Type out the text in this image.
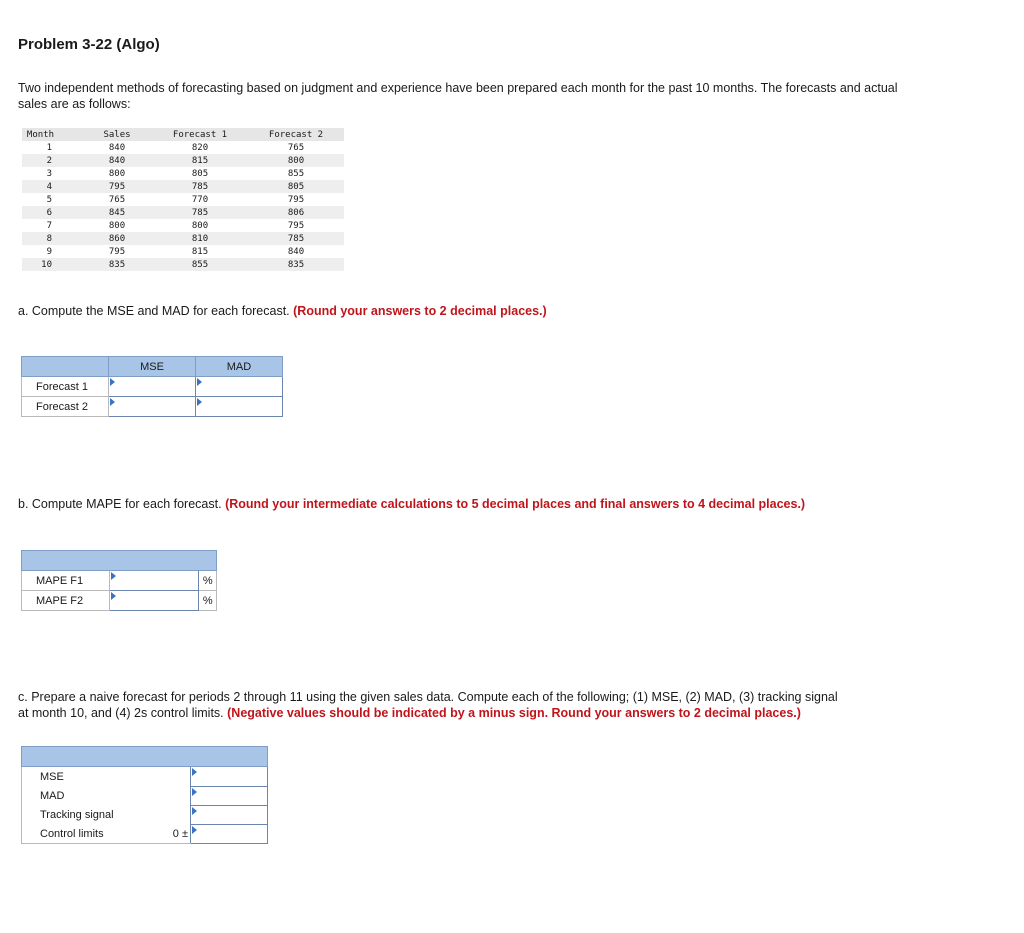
Problem 3-22 (Algo)
Two independent methods of forecasting based on judgment and experience have been prepared each month for the past 10 months. The forecasts and actual sales are as follows:
Month	Sales	Forecast 1	Forecast 2
1	840	820	765
2	840	815	800
3	800	805	855
4	795	785	805
5	765	770	795
6	845	785	806
7	800	800	795
8	860	810	785
9	795	815	840
10	835	855	835
a. Compute the MSE and MAD for each forecast. (Round your answers to 2 decimal places.)
	MSE	MAD
Forecast 1		
Forecast 2		
b. Compute MAPE for each forecast. (Round your intermediate calculations to 5 decimal places and final answers to 4 decimal places.)

MAPE F1		%
MAPE F2		%
c. Prepare a naive forecast for periods 2 through 11 using the given sales data. Compute each of the following; (1) MSE, (2) MAD, (3) tracking signal at month 10, and (4) 2s control limits. (Negative values should be indicated by a minus sign. Round your answers to 2 decimal places.)

MSE		
MAD		
Tracking signal		
Control limits	0 ±	
